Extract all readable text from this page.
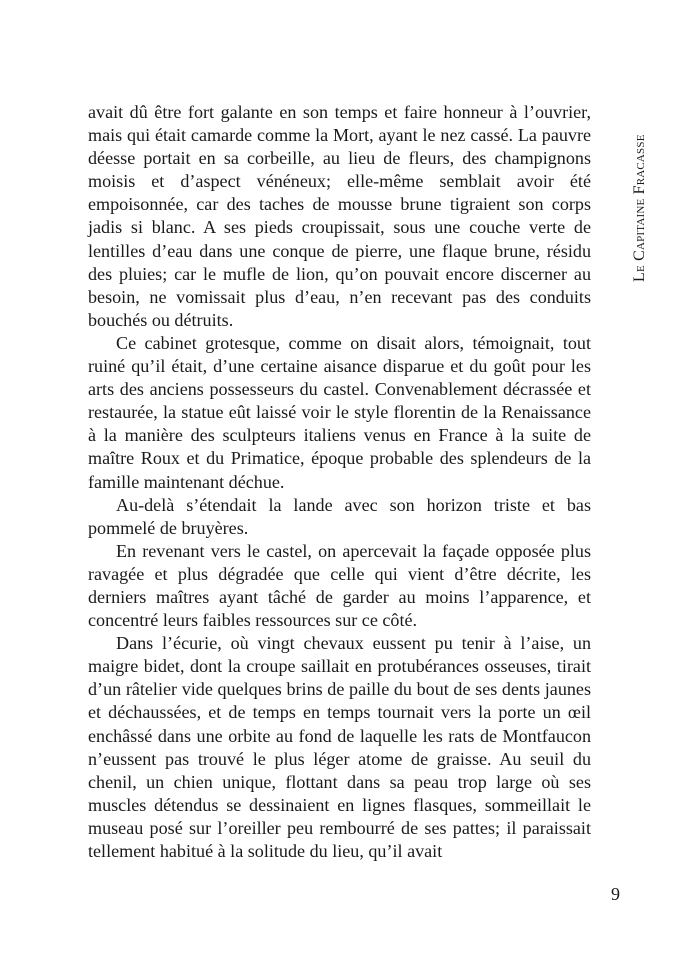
Le Capitaine Fracasse

avait dû être fort galante en son temps et faire honneur à l’ouvrier, mais qui était camarde comme la Mort, ayant le nez cassé. La pauvre déesse portait en sa corbeille, au lieu de fleurs, des champignons moisis et d’aspect vénéneux; elle-même semblait avoir été empoisonnée, car des taches de mousse brune tigraient son corps jadis si blanc. A ses pieds croupissait, sous une couche verte de lentilles d’eau dans une conque de pierre, une flaque brune, résidu des pluies; car le mufle de lion, qu’on pouvait encore discerner au besoin, ne vomissait plus d’eau, n’en recevant pas des conduits bouchés ou détruits.

Ce cabinet grotesque, comme on disait alors, témoignait, tout ruiné qu’il était, d’une certaine aisance disparue et du goût pour les arts des anciens possesseurs du castel. Convenablement décrassée et restaurée, la statue eût laissé voir le style florentin de la Renaissance à la manière des sculpteurs italiens venus en France à la suite de maître Roux et du Primatice, époque probable des splendeurs de la famille maintenant déchue.

Au-delà s’étendait la lande avec son horizon triste et bas pommelé de bruyères.

En revenant vers le castel, on apercevait la façade opposée plus ravagée et plus dégradée que celle qui vient d’être décrite, les derniers maîtres ayant tâché de garder au moins l’apparence, et concentré leurs faibles ressources sur ce côté.

Dans l’écurie, où vingt chevaux eussent pu tenir à l’aise, un maigre bidet, dont la croupe saillait en protubérances osseuses, tirait d’un râtelier vide quelques brins de paille du bout de ses dents jaunes et déchaussées, et de temps en temps tournait vers la porte un œil enchâssé dans une orbite au fond de laquelle les rats de Montfaucon n’eussent pas trouvé le plus léger atome de graisse. Au seuil du chenil, un chien unique, flottant dans sa peau trop large où ses muscles détendus se dessinaient en lignes flasques, sommeillait le museau posé sur l’oreiller peu rembourré de ses pattes; il paraissait tellement habitué à la solitude du lieu, qu’il avait

9
